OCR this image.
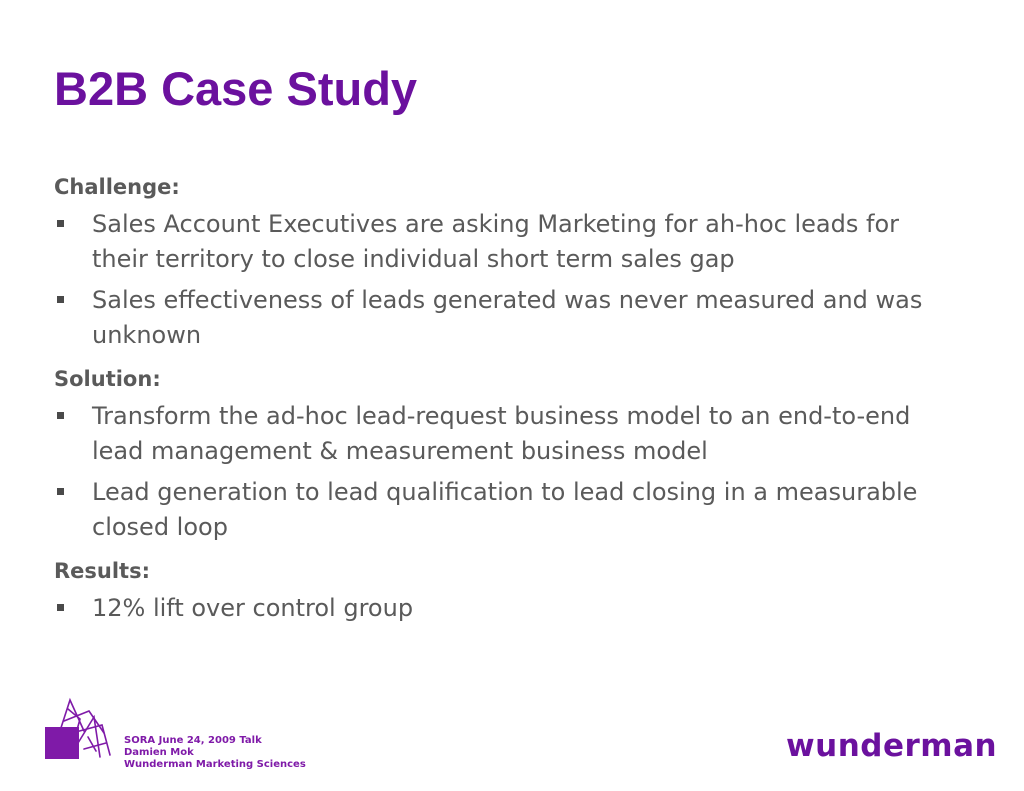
B2B Case Study
Challenge:
Sales Account Executives are asking Marketing for ah-hoc leads for their territory to close individual short term sales gap
Sales effectiveness of leads generated was never measured and was unknown
Solution:
Transform the ad-hoc lead-request business model to an end-to-end lead management & measurement business model
Lead generation to lead qualification to lead closing in a measurable closed loop
Results:
12% lift over control group
SORA June 24, 2009 Talk
Damien Mok
Wunderman Marketing Sciences
wunderman
